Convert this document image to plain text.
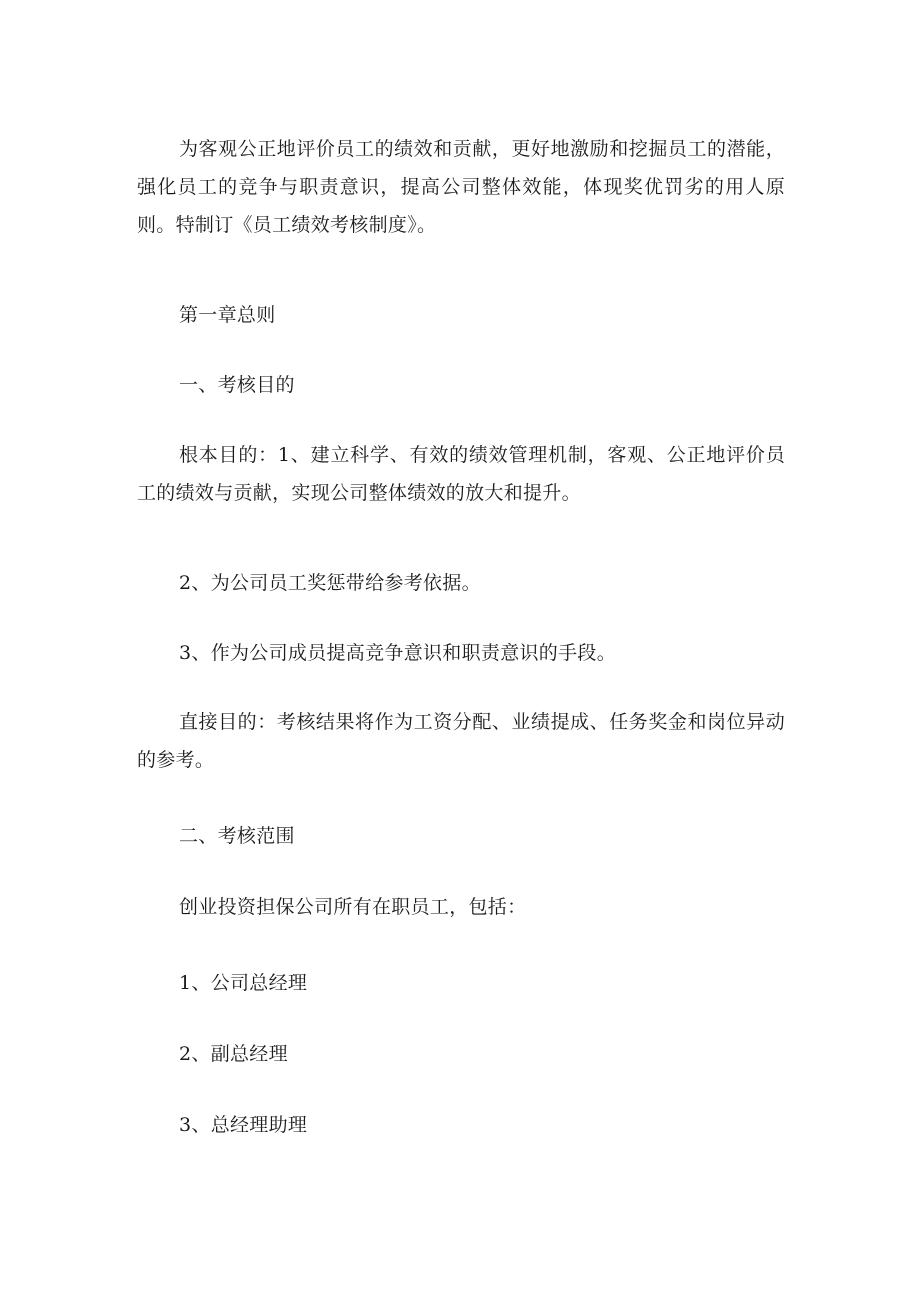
为客观公正地评价员工的绩效和贡献，更好地激励和挖掘员工的潜能，强化员工的竞争与职责意识，提高公司整体效能，体现奖优罚劣的用人原则。特制订《员工绩效考核制度》。

第一章总则

一、考核目的

根本目的：1、建立科学、有效的绩效管理机制，客观、公正地评价员工的绩效与贡献，实现公司整体绩效的放大和提升。

2、为公司员工奖惩带给参考依据。

3、作为公司成员提高竞争意识和职责意识的手段。

直接目的：考核结果将作为工资分配、业绩提成、任务奖金和岗位异动的参考。

二、考核范围

创业投资担保公司所有在职员工，包括：

1、公司总经理

2、副总经理

3、总经理助理
